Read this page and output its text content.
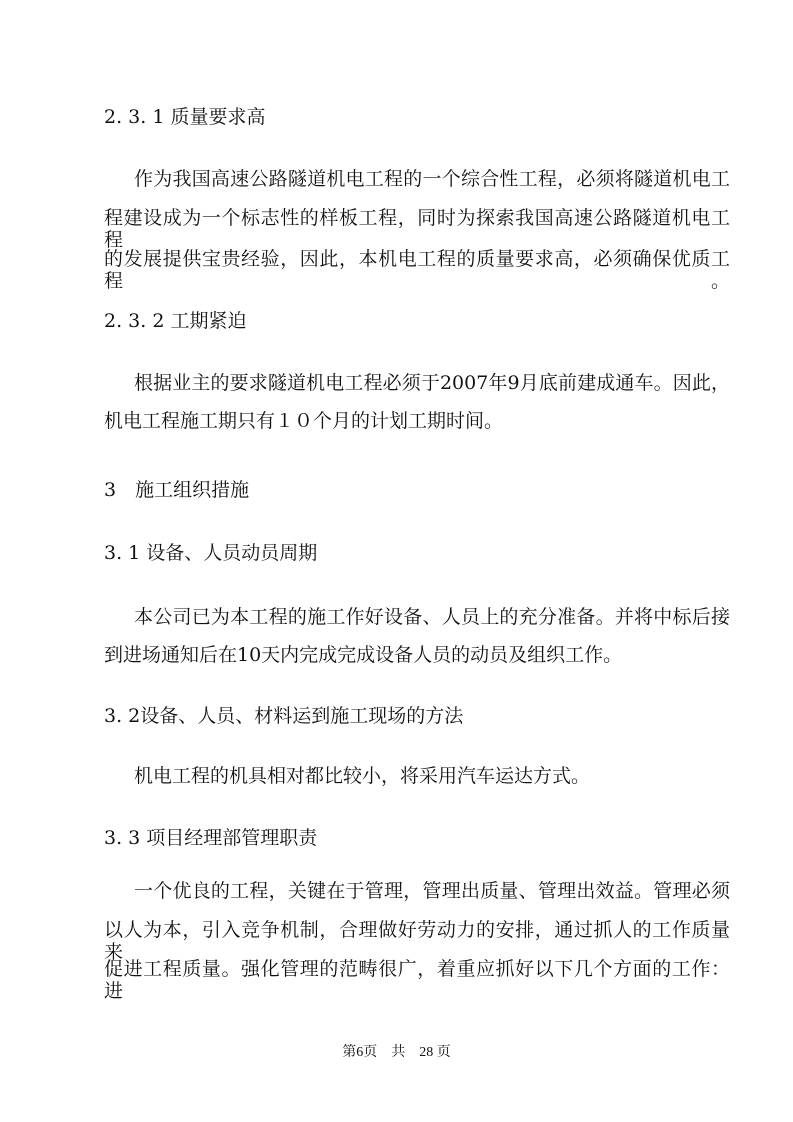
2. 3. 1 质量要求高
作为我国高速公路隧道机电工程的一个综合性工程，必须将隧道机电工
程建设成为一个标志性的样板工程，同时为探索我国高速公路隧道机电工程
的发展提供宝贵经验，因此，本机电工程的质量要求高，必须确保优质工程。
2. 3. 2 工期紧迫
根据业主的要求隧道机电工程必须于2007年9月底前建成通车。因此，
机电工程施工期只有１０个月的计划工期时间。
3　施工组织措施
3. 1 设备、人员动员周期
本公司已为本工程的施工作好设备、人员上的充分准备。并将中标后接
到进场通知后在10天内完成完成设备人员的动员及组织工作。
3. 2设备、人员、材料运到施工现场的方法
机电工程的机具相对都比较小，将采用汽车运达方式。
3. 3 项目经理部管理职责
一个优良的工程，关键在于管理，管理出质量、管理出效益。管理必须
以人为本，引入竞争机制，合理做好劳动力的安排，通过抓人的工作质量来
促进工程质量。强化管理的范畴很广，着重应抓好以下几个方面的工作：进
第6页　共　28 页
